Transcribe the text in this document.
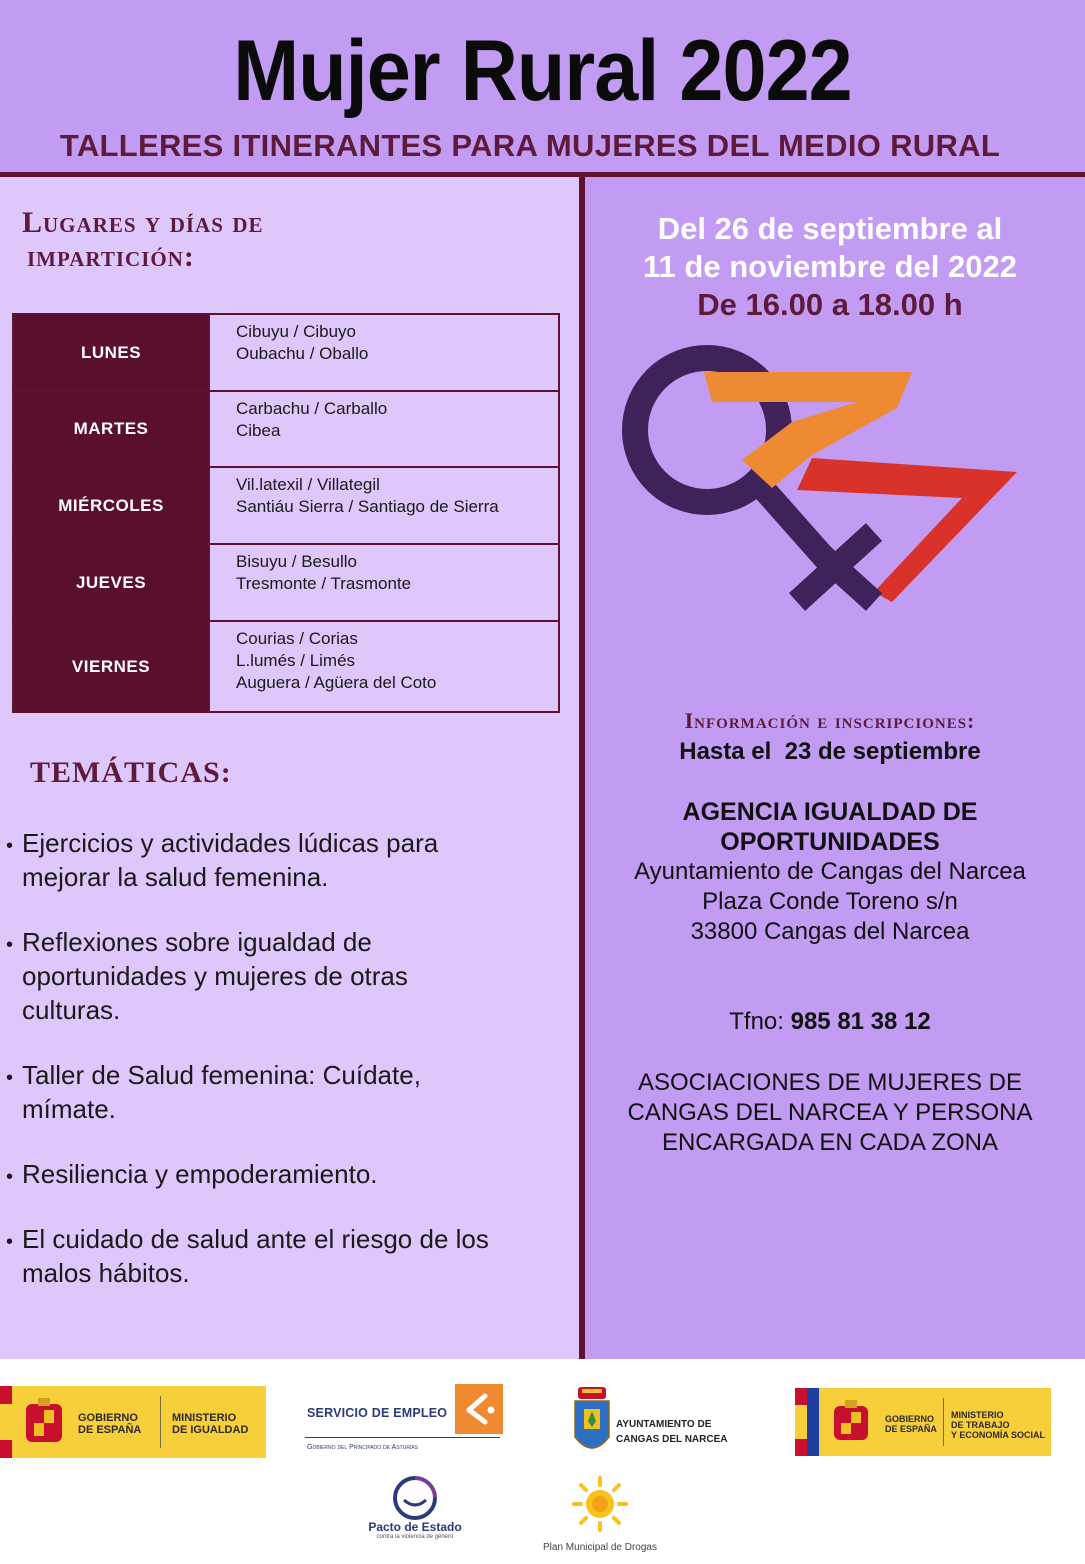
Mujer Rural 2022
TALLERES ITINERANTES PARA MUJERES DEL MEDIO RURAL
Lugares y días de
impartición:
LUNES
Cibuyu / Cibuyo
Oubachu / Oballo
MARTES
Carbachu / Carballo
Cibea
MIÉRCOLES
Vil.latexil / Villategil
Santiáu Sierra / Santiago de Sierra
JUEVES
Bisuyu / Besullo
Tresmonte / Trasmonte
VIERNES
Courias / Corias
L.lumés / Limés
Auguera / Agüera del Coto
TEMÁTICAS:
• Ejercicios y actividades lúdicas para
mejorar la salud femenina.
• Reflexiones sobre igualdad de
oportunidades y mujeres de otras
culturas.
• Taller de Salud femenina: Cuídate,
mímate.
• Resiliencia y empoderamiento.
• El cuidado de salud ante el riesgo de los
malos hábitos.
Del 26 de septiembre al
11 de noviembre del 2022
De 16.00 a 18.00 h
Información e inscripciones:
Hasta el  23 de septiembre
AGENCIA IGUALDAD DE
OPORTUNIDADES
Ayuntamiento de Cangas del Narcea
Plaza Conde Toreno s/n
33800 Cangas del Narcea
Tfno: 985 81 38 12
ASOCIACIONES DE MUJERES DE
CANGAS DEL NARCEA Y PERSONA
ENCARGADA EN CADA ZONA
GOBIERNO
DE ESPAÑA
MINISTERIO
DE IGUALDAD
SERVICIO DE EMPLEO
Gobierno del Principado de Asturias
AYUNTAMIENTO DE
CANGAS DEL NARCEA
GOBIERNO
DE ESPAÑA
MINISTERIO
DE TRABAJO
Y ECONOMÍA SOCIAL
Pacto de Estado
contra la violencia de género
Plan Municipal de Drogas
